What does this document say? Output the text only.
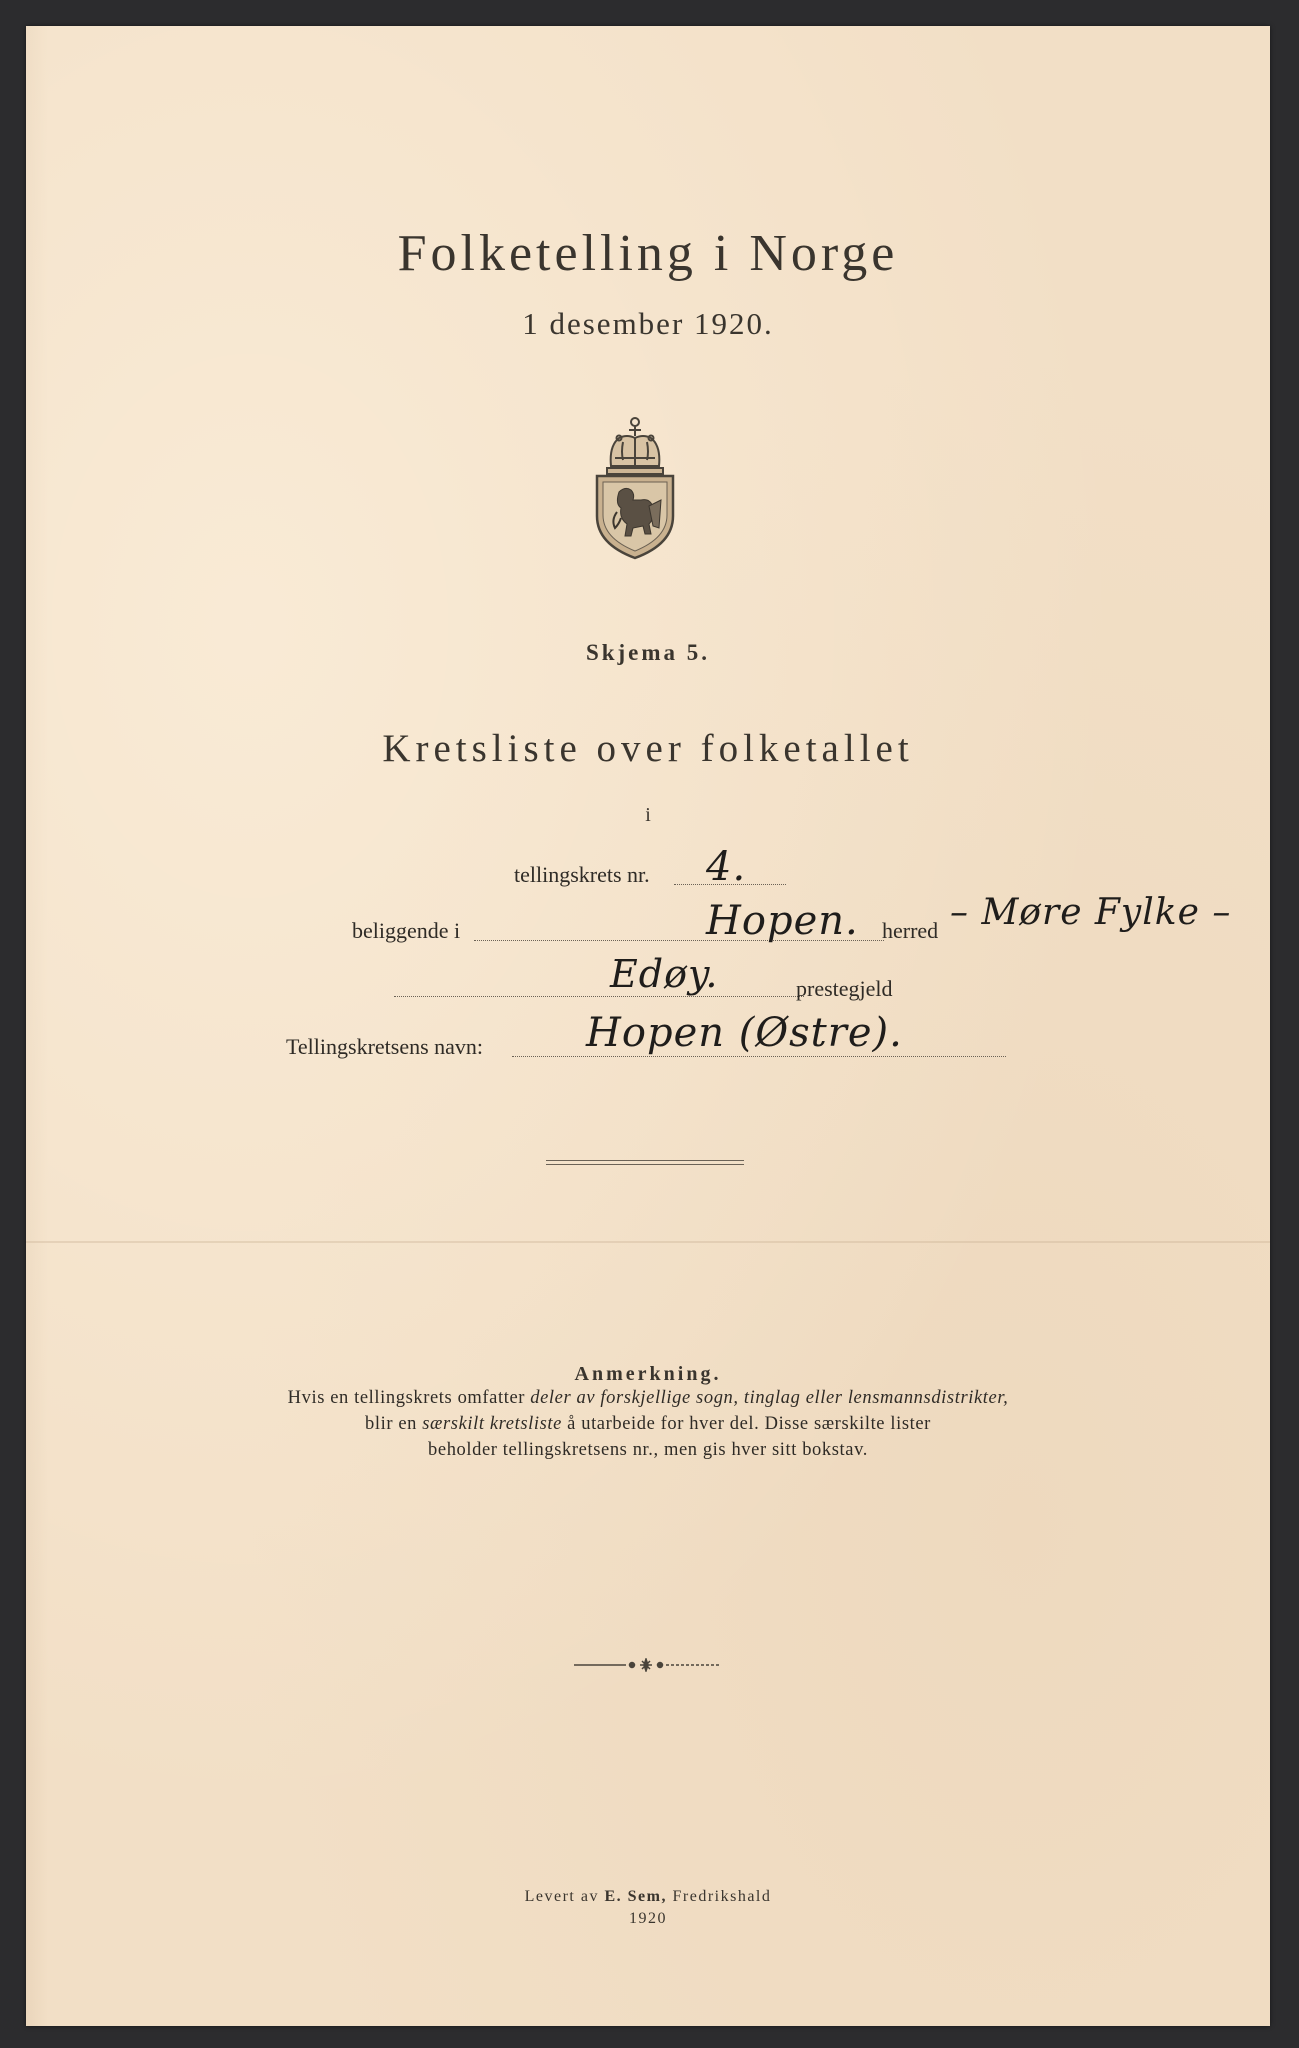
Folketelling i Norge
1 desember 1920.
Skjema 5.
Kretsliste over folketallet
i
tellingskrets nr. 4.
beliggende i	Hopen. herred – Møre Fylke –
Edøy.	prestegjeld
Tellingskretsens navn:	Hopen (Østre).
Anmerkning.
Hvis en tellingskrets omfatter deler av forskjellige sogn, tinglag eller lensmannsdistrikter,
blir en særskilt kretsliste å utarbeide for hver del. Disse særskilte lister
beholder tellingskretsens nr., men gis hver sitt bokstav.
Levert av E. Sem, Fredrikshald
1920
